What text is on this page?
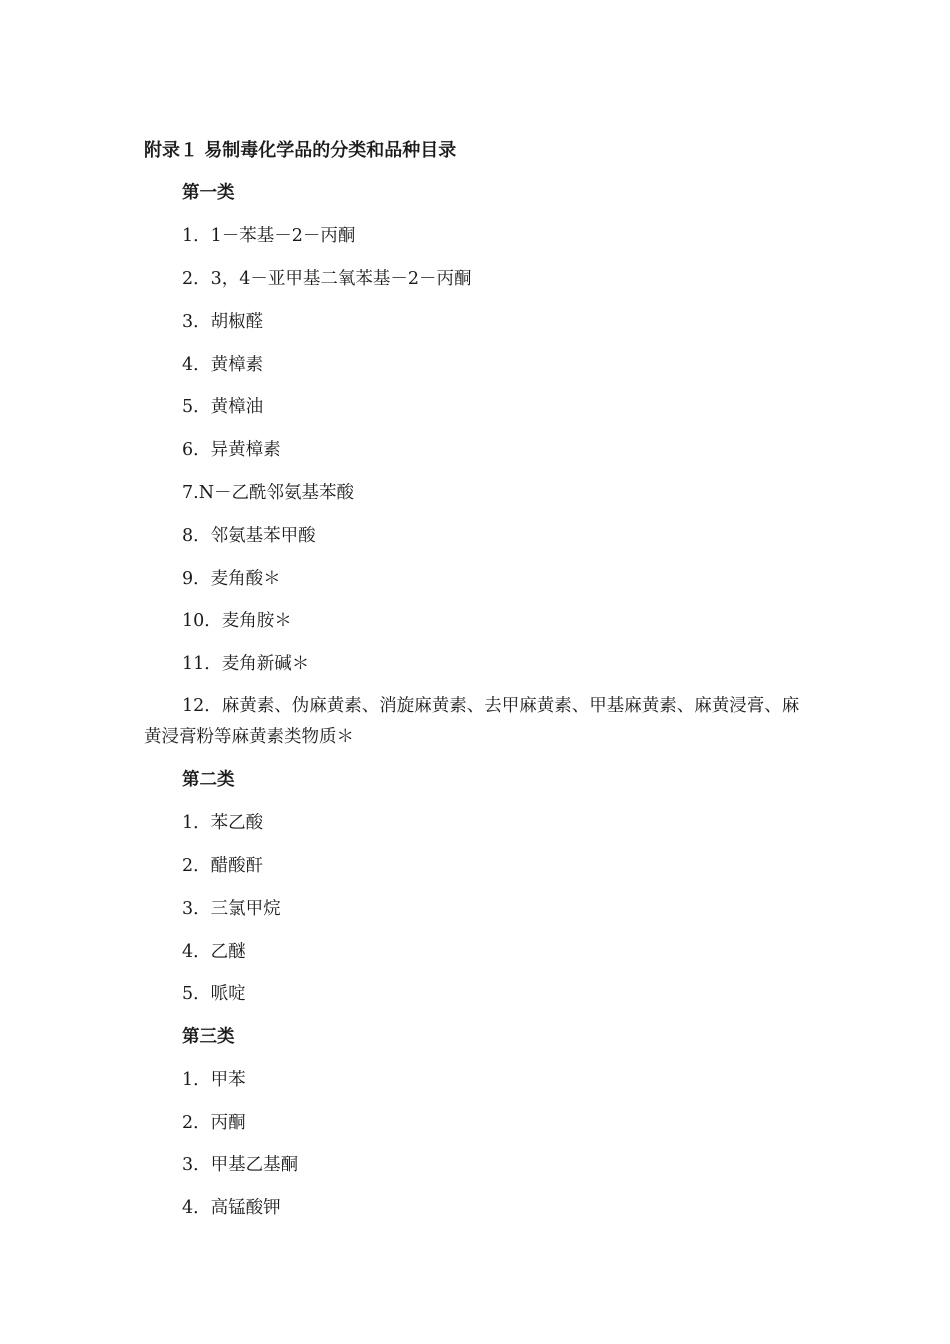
附录１ 易制毒化学品的分类和品种目录
第一类
1．1－苯基－2－丙酮
2．3，4－亚甲基二氧苯基－2－丙酮
3．胡椒醛
4．黄樟素
5．黄樟油
6．异黄樟素
7.N－乙酰邻氨基苯酸
8．邻氨基苯甲酸
9．麦角酸＊
10．麦角胺＊
11．麦角新碱＊
12．麻黄素、伪麻黄素、消旋麻黄素、去甲麻黄素、甲基麻黄素、麻黄浸膏、麻黄浸膏粉等麻黄素类物质＊
第二类
1．苯乙酸
2．醋酸酐
3．三氯甲烷
4．乙醚
5．哌啶
第三类
1．甲苯
2．丙酮
3．甲基乙基酮
4．高锰酸钾
